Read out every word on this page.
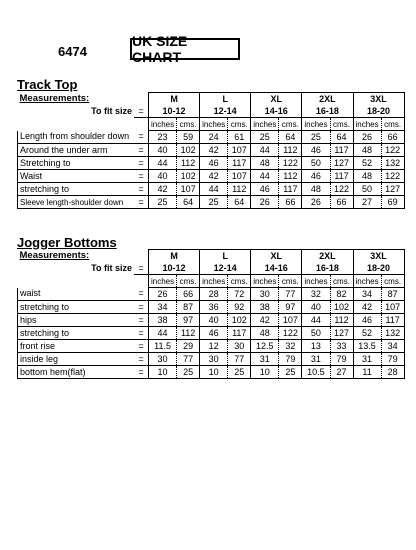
6474
UK SIZE CHART
Track Top
Measurements:		M		L		XL		2XL		3XL	
To fit size	=	10-12		12-14		14-16		16-18		18-20	
		inches	cms.	inches	cms.	inches	cms.	inches	cms.	inches	cms.
Length from shoulder down	=	23	59	24	61	25	64	25	64	26	66
Around the under arm	=	40	102	42	107	44	112	46	117	48	122
Stretching to	=	44	112	46	117	48	122	50	127	52	132
Waist	=	40	102	42	107	44	112	46	117	48	122
stretching to	=	42	107	44	112	46	117	48	122	50	127
Sleeve length-shoulder down	=	25	64	25	64	26	66	26	66	27	69
Jogger Bottoms
Measurements:		M		L		XL		2XL		3XL	
To fit size	=	10-12		12-14		14-16		16-18		18-20	
		inches	cms.	inches	cms.	inches	cms.	inches	cms.	inches	cms.
waist	=	26	66	28	72	30	77	32	82	34	87
stretching to	=	34	87	36	92	38	97	40	102	42	107
hips	=	38	97	40	102	42	107	44	112	46	117
stretching to	=	44	112	46	117	48	122	50	127	52	132
front rise	=	11.5	29	12	30	12.5	32	13	33	13.5	34
inside leg	=	30	77	30	77	31	79	31	79	31	79
bottom hem(flat)	=	10	25	10	25	10	25	10.5	27	11	28
